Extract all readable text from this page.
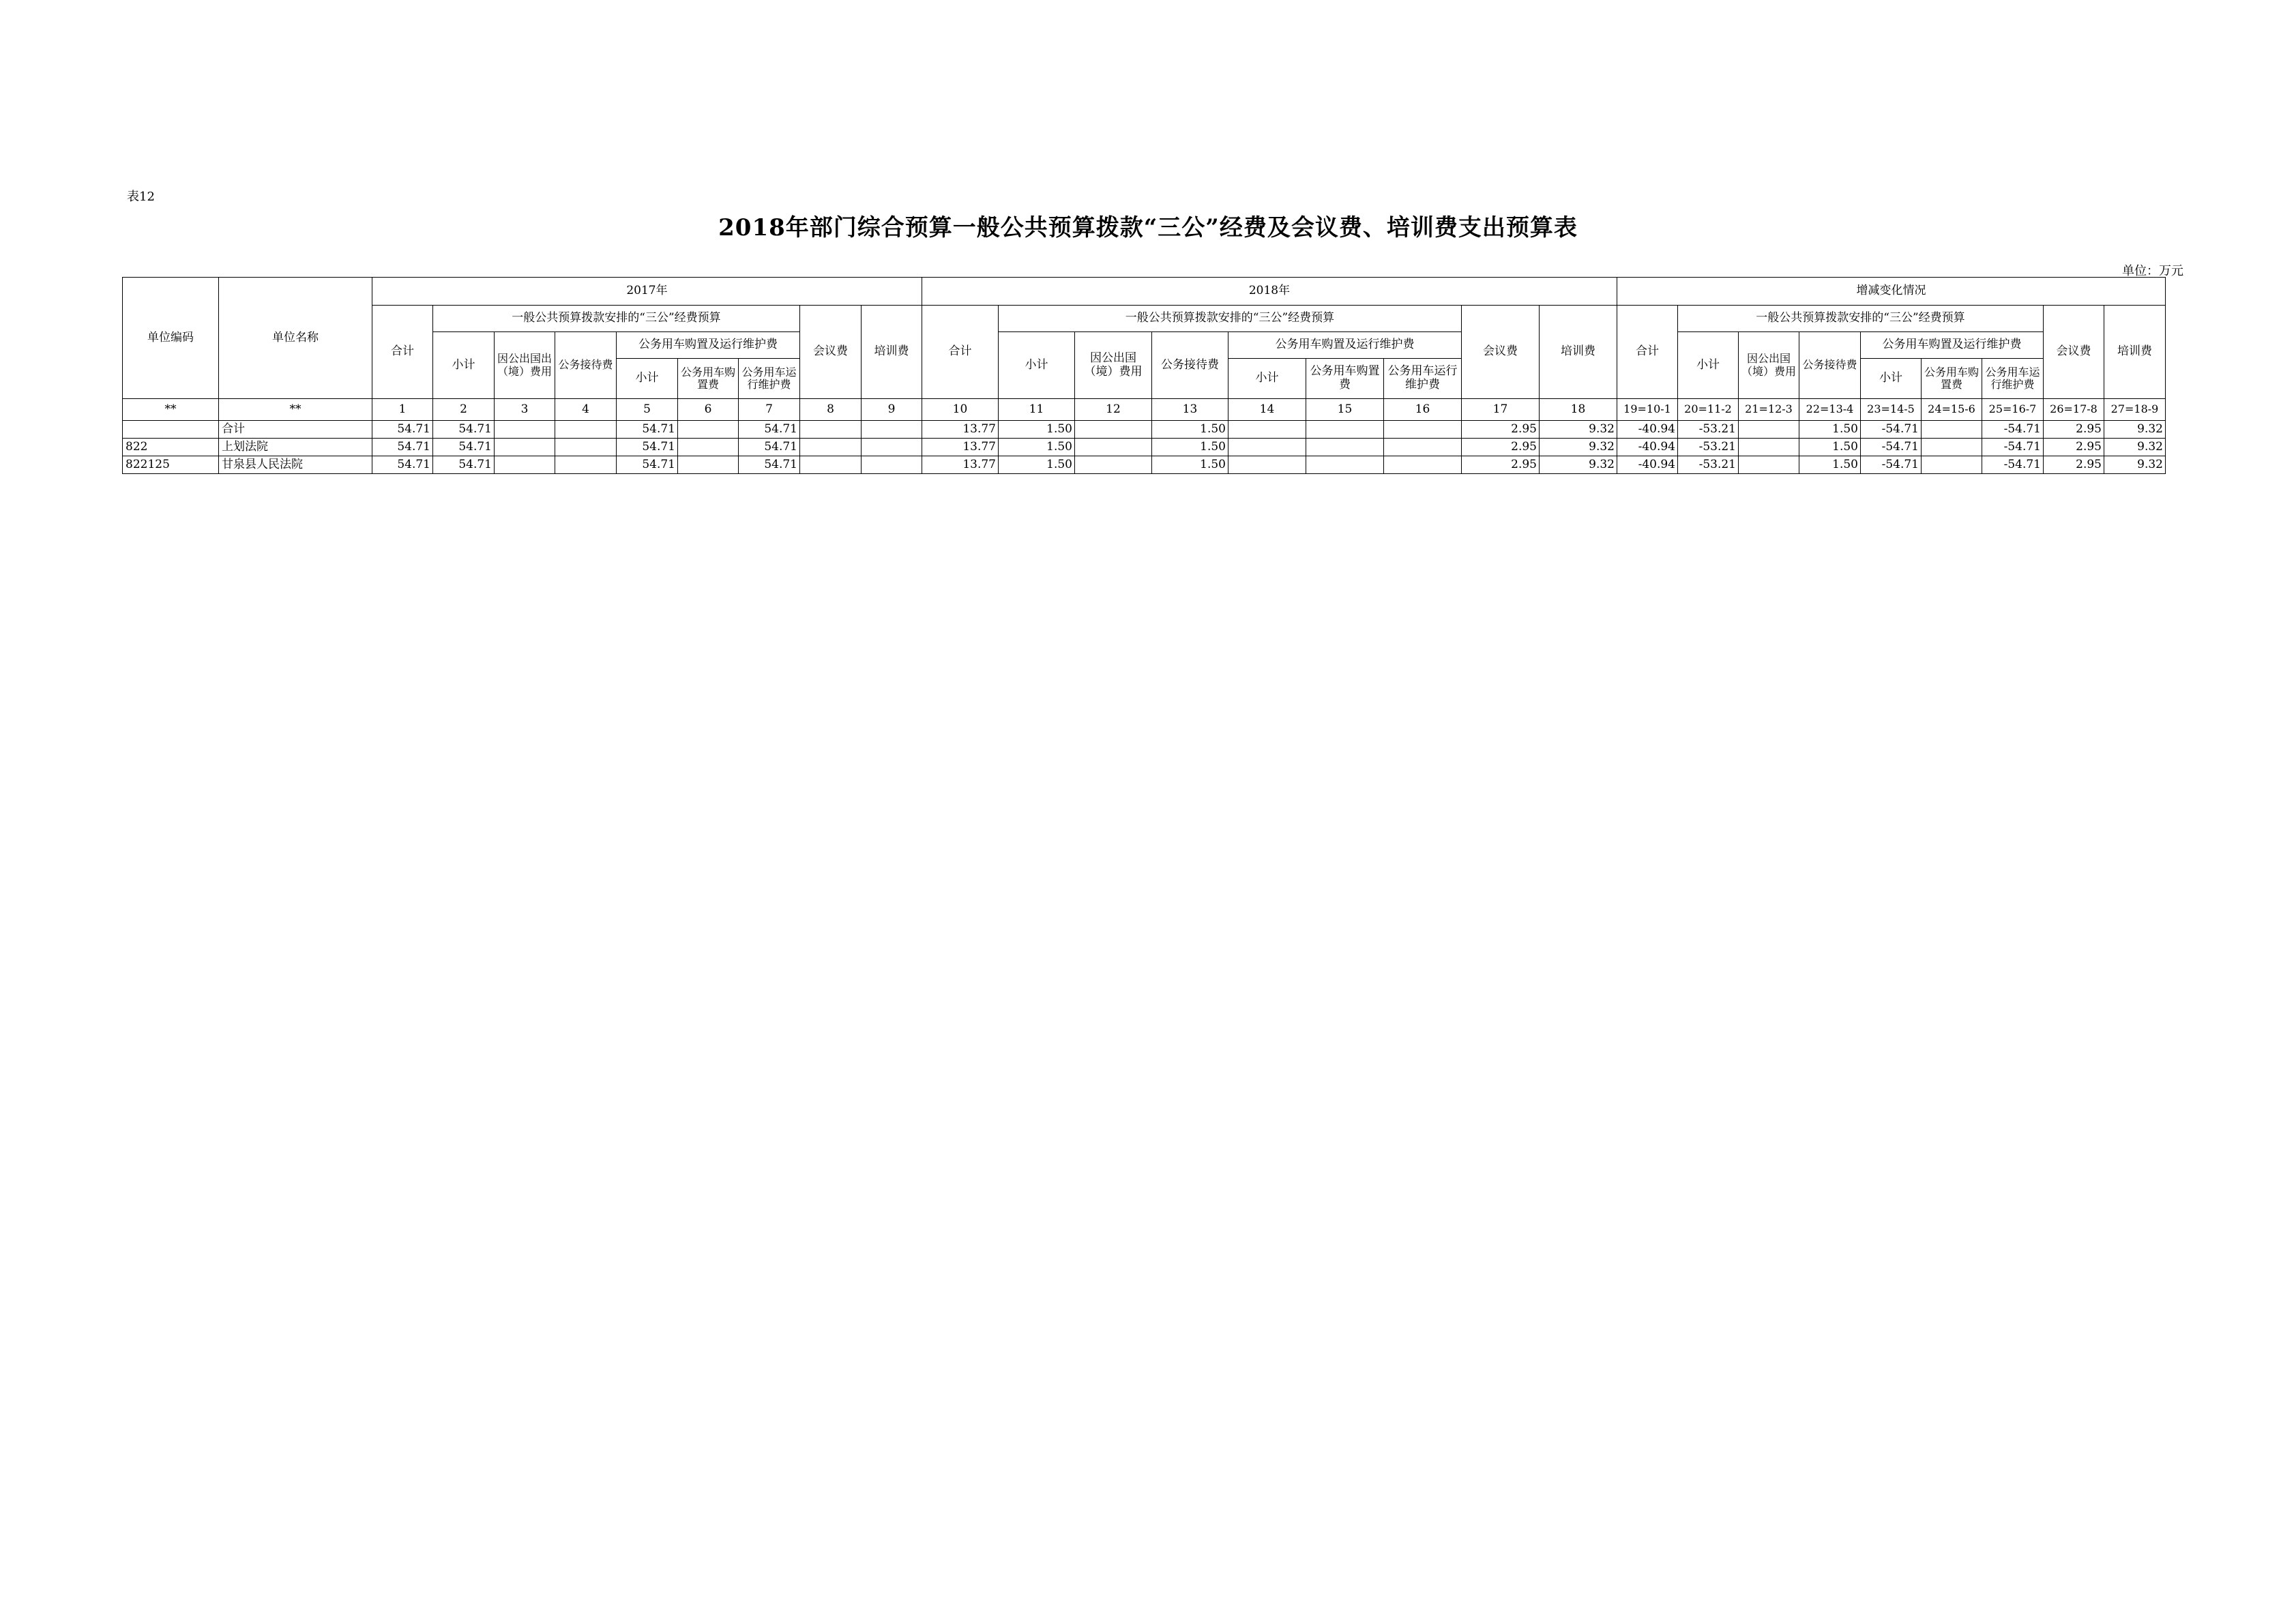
表12
2018年部门综合预算一般公共预算拨款“三公”经费及会议费、培训费支出预算表
单位：万元
单位编码	单位名称	2017年									2018年									增减变化情况								
		合计	一般公共预算拨款安排的“三公”经费预算						会议费	培训费	合计	一般公共预算拨款安排的“三公”经费预算						会议费	培训费	合计	一般公共预算拨款安排的“三公”经费预算						会议费	培训费
			小计	因公出国出（境）费用	公务接待费	公务用车购置及运行维护费						小计	因公出国（境）费用	公务接待费	公务用车购置及运行维护费						小计	因公出国（境）费用	公务接待费	公务用车购置及运行维护费				
						小计	公务用车购置费	公务用车运行维护费							小计	公务用车购置费	公务用车运行维护费							小计	公务用车购置费	公务用车运行维护费		
**	**	1	2	3	4	5	6	7	8	9	10	11	12	13	14	15	16	17	18	19=10-1	20=11-2	21=12-3	22=13-4	23=14-5	24=15-6	25=16-7	26=17-8	27=18-9
	合计	54.71	54.71			54.71		54.71			13.77	1.50		1.50				2.95	9.32	-40.94	-53.21		1.50	-54.71		-54.71	2.95	9.32
822	上划法院	54.71	54.71			54.71		54.71			13.77	1.50		1.50				2.95	9.32	-40.94	-53.21		1.50	-54.71		-54.71	2.95	9.32
822125	甘泉县人民法院	54.71	54.71			54.71		54.71			13.77	1.50		1.50				2.95	9.32	-40.94	-53.21		1.50	-54.71		-54.71	2.95	9.32
